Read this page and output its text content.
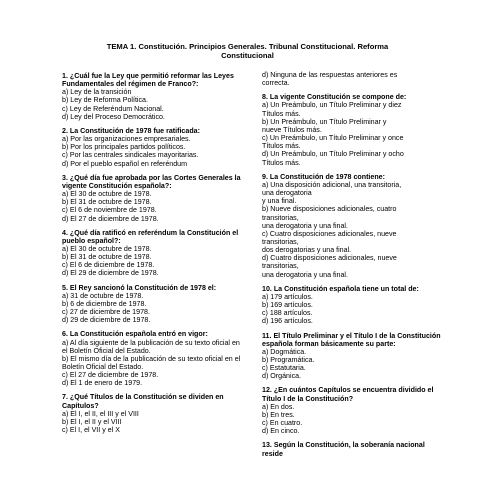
TEMA 1. Constitución. Principios Generales. Tribunal Constitucional. Reforma
Constitucional
1. ¿Cuál fue la Ley que permitió reformar las Leyes Fundamentales del régimen de Franco?:
a) Ley de la transición
b) Ley de Reforma Política.
c) Ley de Referéndum Nacional.
d) Ley del Proceso Democrático.
2. La Constitución de 1978 fue ratificada:
a) Por las organizaciones empresariales.
b) Por los principales partidos políticos.
c) Por las centrales sindicales mayoritarias.
d) Por el pueblo español en referéndum
3. ¿Qué día fue aprobada por las Cortes Generales la vigente Constitución española?:
a) El 30 de octubre de 1978.
b) El 31 de octubre de 1978.
c) El 6 de noviembre de 1978.
d) El 27 de diciembre de 1978.
4. ¿Qué día ratificó en referéndum la Constitución el pueblo español?:
a) El 30 de octubre de 1978.
b) El 31 de octubre de 1978.
c) El 6 de diciembre de 1978.
d) El 29 de diciembre de 1978.
5. El Rey sancionó la Constitución de 1978 el:
a) 31 de octubre de 1978.
b) 6 de diciembre de 1978.
c) 27 de diciembre de 1978.
d) 29 de diciembre de 1978.
6. La Constitución española entró en vigor:
a) Al día siguiente de la publicación de su texto oficial en
el Boletín Oficial del Estado.
b) El mismo día de la publicación de su texto oficial en el
Boletín Oficial del Estado.
c) El 27 de diciembre de 1978.
d) El 1 de enero de 1979.
7. ¿Qué Títulos de la Constitución se dividen en Capítulos?
a) El I, el II, el III y el VIII
b) El I, el II y el VIII
c) El I, el VII y el X
d) Ninguna de las respuestas anteriores es
correcta.
8. La vigente Constitución se compone de:
a) Un Preámbulo, un Título Preliminar y diez
Títulos más.
b) Un Preámbulo, un Título Preliminar y
nueve Títulos más.
c) Un Preámbulo, un Título Preliminar y once
Títulos más.
d) Un Preámbulo, un Título Preliminar y ocho
Títulos más.
9. La Constitución de 1978 contiene:
a) Una disposición adicional, una transitoria,
una derogatoria
y una final.
b) Nueve disposiciones adicionales, cuatro
transitorias,
una derogatoria y una final.
c) Cuatro disposiciones adicionales, nueve
transitorias,
dos derogatorias y una final.
d) Cuatro disposiciones adicionales, nueve
transitorias,
una derogatoria y una final.
10. La Constitución española tiene un total de:
a) 179 artículos.
b) 169 artículos.
c) 188 artículos.
d) 196 artículos.
11. El Título Preliminar y el Título I de la Constitución española forman básicamente su parte:
a) Dogmática.
b) Programática.
c) Estatutaria.
d) Orgánica.
12. ¿En cuántos Capítulos se encuentra dividido el Título I de la Constitución?
a) En dos.
b) En tres.
c) En cuatro.
d) En cinco.
13. Según la Constitución, la soberanía nacional reside
